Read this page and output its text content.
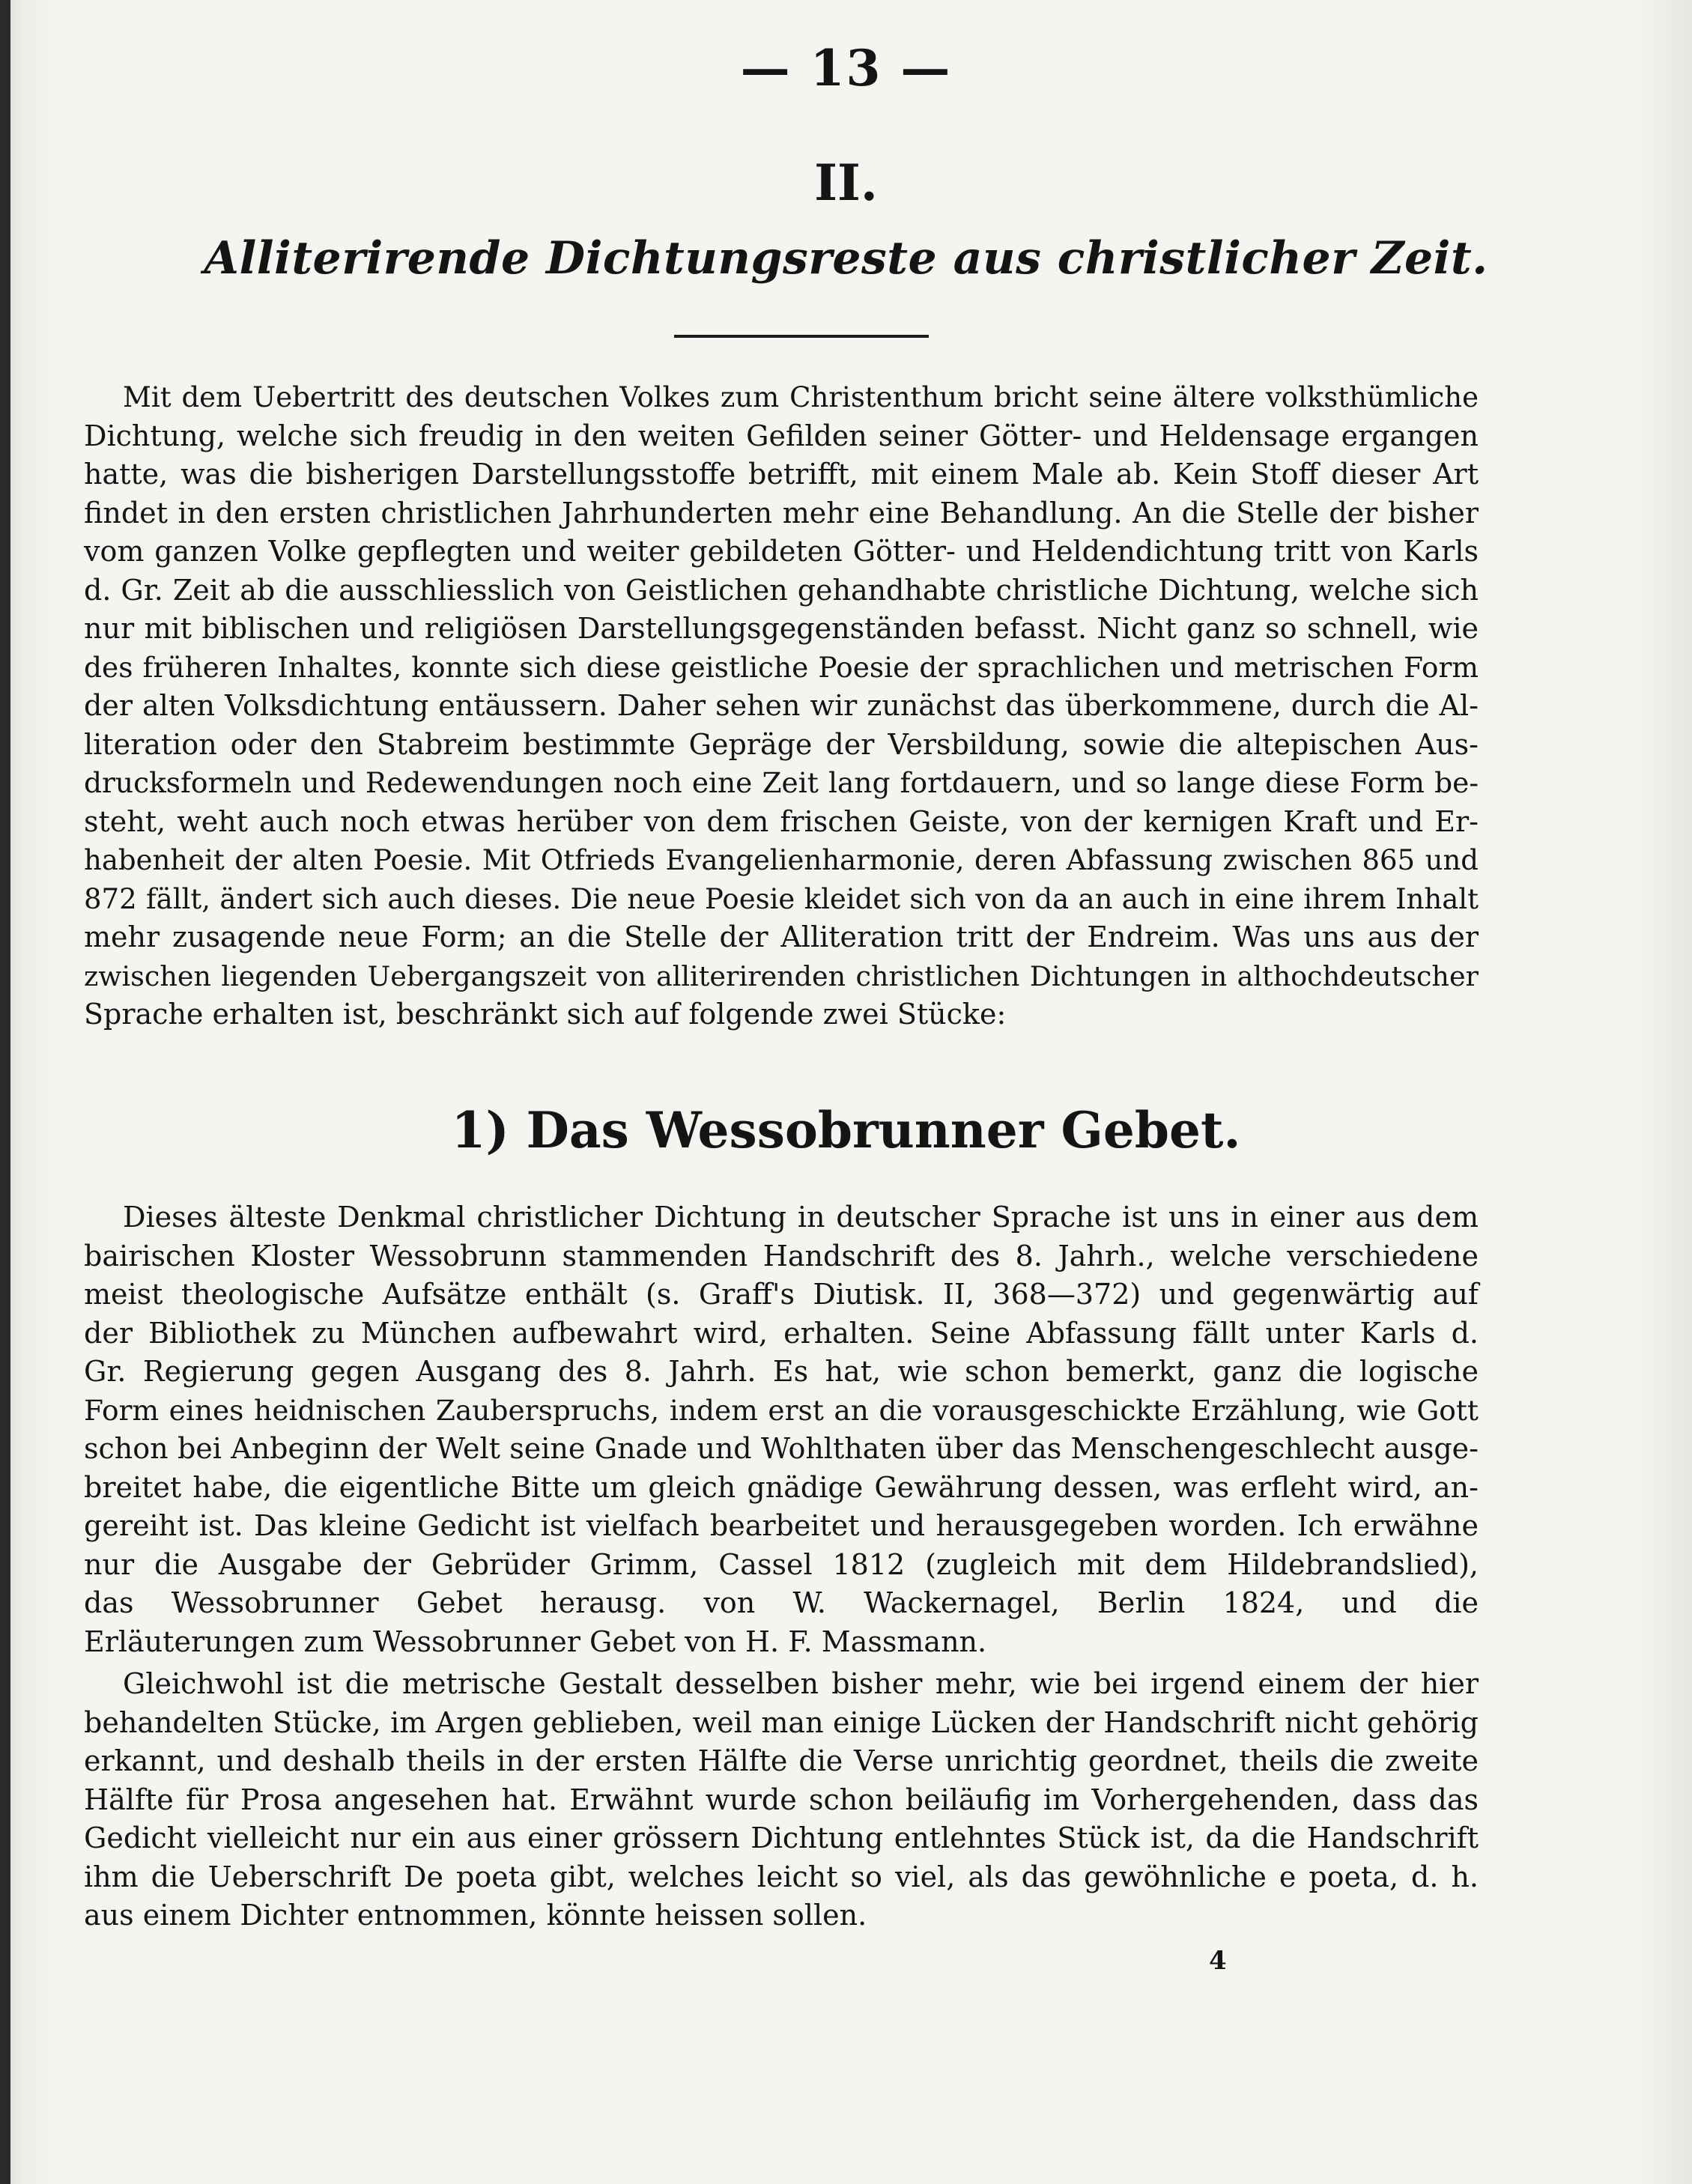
— 13 —
II.
Alliterirende Dichtungsreste aus christlicher Zeit.
Mit dem Uebertritt des deutschen Volkes zum Christenthum bricht seine ältere volksthümliche
Dichtung, welche sich freudig in den weiten Gefilden seiner Götter- und Heldensage ergangen
hatte, was die bisherigen Darstellungsstoffe betrifft, mit einem Male ab. Kein Stoff dieser Art
findet in den ersten christlichen Jahrhunderten mehr eine Behandlung. An die Stelle der bisher
vom ganzen Volke gepflegten und weiter gebildeten Götter- und Heldendichtung tritt von Karls
d. Gr. Zeit ab die ausschliesslich von Geistlichen gehandhabte christliche Dichtung, welche sich
nur mit biblischen und religiösen Darstellungsgegenständen befasst. Nicht ganz so schnell, wie
des früheren Inhaltes, konnte sich diese geistliche Poesie der sprachlichen und metrischen Form
der alten Volksdichtung entäussern. Daher sehen wir zunächst das überkommene, durch die Al-
literation oder den Stabreim bestimmte Gepräge der Versbildung, sowie die altepischen Aus-
drucksformeln und Redewendungen noch eine Zeit lang fortdauern, und so lange diese Form be-
steht, weht auch noch etwas herüber von dem frischen Geiste, von der kernigen Kraft und Er-
habenheit der alten Poesie. Mit Otfrieds Evangelienharmonie, deren Abfassung zwischen 865 und
872 fällt, ändert sich auch dieses. Die neue Poesie kleidet sich von da an auch in eine ihrem Inhalt
mehr zusagende neue Form; an die Stelle der Alliteration tritt der Endreim. Was uns aus der
zwischen liegenden Uebergangszeit von alliterirenden christlichen Dichtungen in althochdeutscher
Sprache erhalten ist, beschränkt sich auf folgende zwei Stücke:
1) Das Wessobrunner Gebet.
Dieses älteste Denkmal christlicher Dichtung in deutscher Sprache ist uns in einer aus dem
bairischen Kloster Wessobrunn stammenden Handschrift des 8. Jahrh., welche verschiedene
meist theologische Aufsätze enthält (s. Graff's Diutisk. II, 368—372) und gegenwärtig auf
der Bibliothek zu München aufbewahrt wird, erhalten. Seine Abfassung fällt unter Karls d.
Gr. Regierung gegen Ausgang des 8. Jahrh. Es hat, wie schon bemerkt, ganz die logische
Form eines heidnischen Zauberspruchs, indem erst an die vorausgeschickte Erzählung, wie Gott
schon bei Anbeginn der Welt seine Gnade und Wohlthaten über das Menschengeschlecht ausge-
breitet habe, die eigentliche Bitte um gleich gnädige Gewährung dessen, was erfleht wird, an-
gereiht ist. Das kleine Gedicht ist vielfach bearbeitet und herausgegeben worden. Ich erwähne
nur die Ausgabe der Gebrüder Grimm, Cassel 1812 (zugleich mit dem Hildebrandslied),
das Wessobrunner Gebet herausg. von W. Wackernagel, Berlin 1824, und die
Erläuterungen zum Wessobrunner Gebet von H. F. Massmann.
Gleichwohl ist die metrische Gestalt desselben bisher mehr, wie bei irgend einem der hier
behandelten Stücke, im Argen geblieben, weil man einige Lücken der Handschrift nicht gehörig
erkannt, und deshalb theils in der ersten Hälfte die Verse unrichtig geordnet, theils die zweite
Hälfte für Prosa angesehen hat. Erwähnt wurde schon beiläufig im Vorhergehenden, dass das
Gedicht vielleicht nur ein aus einer grössern Dichtung entlehntes Stück ist, da die Handschrift
ihm die Ueberschrift De poeta gibt, welches leicht so viel, als das gewöhnliche e poeta, d. h.
aus einem Dichter entnommen, könnte heissen sollen.
4
